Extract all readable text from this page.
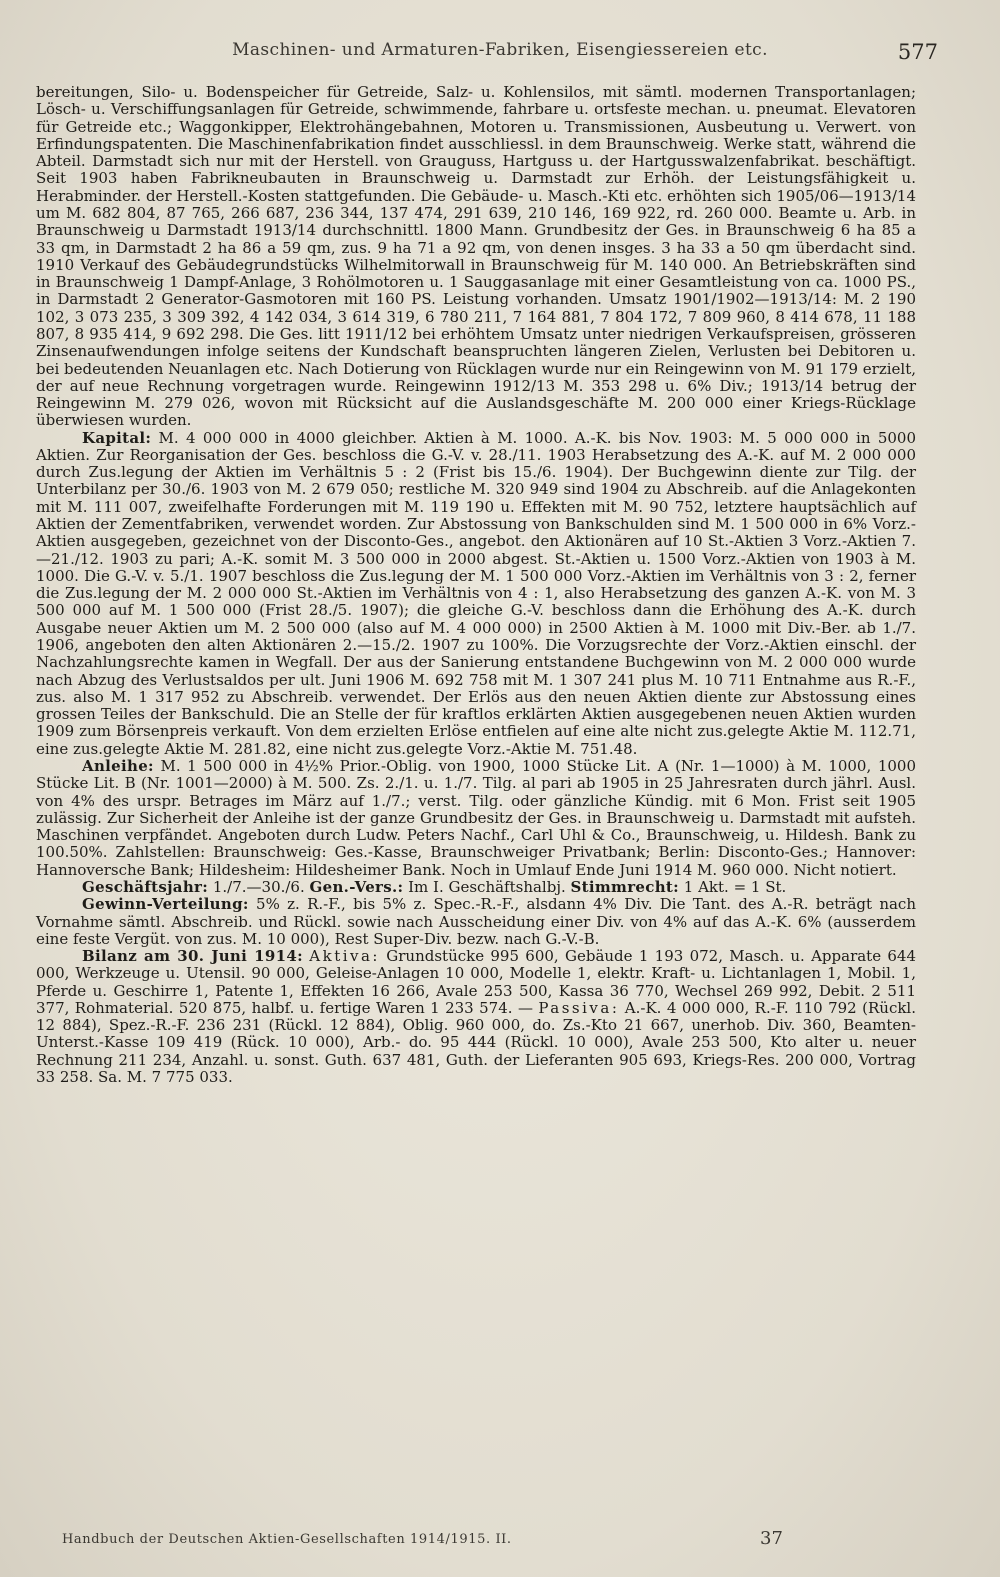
Maschinen- und Armaturen-Fabriken, Eisengiessereien etc.	577

bereitungen, Silo- u. Bodenspeicher für Getreide, Salz- u. Kohlensilos, mit sämtl. modernen Transportanlagen; Lösch- u. Verschiffungsanlagen für Getreide, schwimmende, fahrbare u. ortsfeste mechan. u. pneumat. Elevatoren für Getreide etc.; Waggonkipper, Elektrohängebahnen, Motoren u. Transmissionen, Ausbeutung u. Verwert. von Erfindungspatenten. Die Maschinenfabrikation findet ausschliessl. in dem Braunschweig. Werke statt, während die Abteil. Darmstadt sich nur mit der Herstell. von Grauguss, Hartguss u. der Hartgusswalzenfabrikat. beschäftigt. Seit 1903 haben Fabrikneubauten in Braunschweig u. Darmstadt zur Erhöh. der Leistungsfähigkeit u. Herabminder. der Herstell.-Kosten stattgefunden. Die Gebäude- u. Masch.-Kti etc. erhöhten sich 1905/06—1913/14 um M. 682 804, 87 765, 266 687, 236 344, 137 474, 291 639, 210 146, 169 922, rd. 260 000. Beamte u. Arb. in Braunschweig u Darmstadt 1913/14 durchschnittl. 1800 Mann. Grundbesitz der Ges. in Braunschweig 6 ha 85 a 33 qm, in Darmstadt 2 ha 86 a 59 qm, zus. 9 ha 71 a 92 qm, von denen insges. 3 ha 33 a 50 qm überdacht sind. 1910 Verkauf des Gebäudegrundstücks Wilhelmitorwall in Braunschweig für M. 140 000. An Betriebskräften sind in Braunschweig 1 Dampf-Anlage, 3 Rohölmotoren u. 1 Sauggasanlage mit einer Gesamtleistung von ca. 1000 PS., in Darmstadt 2 Generator-Gasmotoren mit 160 PS. Leistung vorhanden. Umsatz 1901/1902—1913/14: M. 2 190 102, 3 073 235, 3 309 392, 4 142 034, 3 614 319, 6 780 211, 7 164 881, 7 804 172, 7 809 960, 8 414 678, 11 188 807, 8 935 414, 9 692 298. Die Ges. litt 1911/12 bei erhöhtem Umsatz unter niedrigen Verkaufspreisen, grösseren Zinsenaufwendungen infolge seitens der Kundschaft beanspruchten längeren Zielen, Verlusten bei Debitoren u. bei bedeutenden Neuanlagen etc. Nach Dotierung von Rücklagen wurde nur ein Reingewinn von M. 91 179 erzielt, der auf neue Rechnung vorgetragen wurde. Reingewinn 1912/13 M. 353 298 u. 6% Div.; 1913/14 betrug der Reingewinn M. 279 026, wovon mit Rücksicht auf die Auslandsgeschäfte M. 200 000 einer Kriegs-Rücklage überwiesen wurden.

Kapital: M. 4 000 000 in 4000 gleichber. Aktien à M. 1000. A.-K. bis Nov. 1903: M. 5 000 000 in 5000 Aktien. Zur Reorganisation der Ges. beschloss die G.-V. v. 28./11. 1903 Herabsetzung des A.-K. auf M. 2 000 000 durch Zus.legung der Aktien im Verhältnis 5 : 2 (Frist bis 15./6. 1904). Der Buchgewinn diente zur Tilg. der Unterbilanz per 30./6. 1903 von M. 2 679 050; restliche M. 320 949 sind 1904 zu Abschreib. auf die Anlagekonten mit M. 111 007, zweifelhafte Forderungen mit M. 119 190 u. Effekten mit M. 90 752, letztere hauptsächlich auf Aktien der Zementfabriken, verwendet worden. Zur Abstossung von Bankschulden sind M. 1 500 000 in 6% Vorz.-Aktien ausgegeben, gezeichnet von der Disconto-Ges., angebot. den Aktionären auf 10 St.-Aktien 3 Vorz.-Aktien 7.—21./12. 1903 zu pari; A.-K. somit M. 3 500 000 in 2000 abgest. St.-Aktien u. 1500 Vorz.-Aktien von 1903 à M. 1000. Die G.-V. v. 5./1. 1907 beschloss die Zus.legung der M. 1 500 000 Vorz.-Aktien im Verhältnis von 3 : 2, ferner die Zus.legung der M. 2 000 000 St.-Aktien im Verhältnis von 4 : 1, also Herabsetzung des ganzen A.-K. von M. 3 500 000 auf M. 1 500 000 (Frist 28./5. 1907); die gleiche G.-V. beschloss dann die Erhöhung des A.-K. durch Ausgabe neuer Aktien um M. 2 500 000 (also auf M. 4 000 000) in 2500 Aktien à M. 1000 mit Div.-Ber. ab 1./7. 1906, angeboten den alten Aktionären 2.—15./2. 1907 zu 100%. Die Vorzugsrechte der Vorz.-Aktien einschl. der Nachzahlungsrechte kamen in Wegfall. Der aus der Sanierung entstandene Buchgewinn von M. 2 000 000 wurde nach Abzug des Verlustsaldos per ult. Juni 1906 M. 692 758 mit M. 1 307 241 plus M. 10 711 Entnahme aus R.-F., zus. also M. 1 317 952 zu Abschreib. verwendet. Der Erlös aus den neuen Aktien diente zur Abstossung eines grossen Teiles der Bankschuld. Die an Stelle der für kraftlos erklärten Aktien ausgegebenen neuen Aktien wurden 1909 zum Börsenpreis verkauft. Von dem erzielten Erlöse entfielen auf eine alte nicht zus.gelegte Aktie M. 112.71, eine zus.gelegte Aktie M. 281.82, eine nicht zus.gelegte Vorz.-Aktie M. 751.48.

Anleihe: M. 1 500 000 in 4½% Prior.-Oblig. von 1900, 1000 Stücke Lit. A (Nr. 1—1000) à M. 1000, 1000 Stücke Lit. B (Nr. 1001—2000) à M. 500. Zs. 2./1. u. 1./7. Tilg. al pari ab 1905 in 25 Jahresraten durch jährl. Ausl. von 4% des urspr. Betrages im März auf 1./7.; verst. Tilg. oder gänzliche Kündig. mit 6 Mon. Frist seit 1905 zulässig. Zur Sicherheit der Anleihe ist der ganze Grundbesitz der Ges. in Braunschweig u. Darmstadt mit aufsteh. Maschinen verpfändet. Angeboten durch Ludw. Peters Nachf., Carl Uhl & Co., Braunschweig, u. Hildesh. Bank zu 100.50%. Zahlstellen: Braunschweig: Ges.-Kasse, Braunschweiger Privatbank; Berlin: Disconto-Ges.; Hannover: Hannoversche Bank; Hildesheim: Hildesheimer Bank. Noch in Umlauf Ende Juni 1914 M. 960 000. Nicht notiert.

Geschäftsjahr: 1./7.—30./6. Gen.-Vers.: Im I. Geschäftshalbj. Stimmrecht: 1 Akt. = 1 St.

Gewinn-Verteilung: 5% z. R.-F., bis 5% z. Spec.-R.-F., alsdann 4% Div. Die Tant. des A.-R. beträgt nach Vornahme sämtl. Abschreib. und Rückl. sowie nach Ausscheidung einer Div. von 4% auf das A.-K. 6% (ausserdem eine feste Vergüt. von zus. M. 10 000), Rest Super-Div. bezw. nach G.-V.-B.

Bilanz am 30. Juni 1914: Aktiva: Grundstücke 995 600, Gebäude 1 193 072, Masch. u. Apparate 644 000, Werkzeuge u. Utensil. 90 000, Geleise-Anlagen 10 000, Modelle 1, elektr. Kraft- u. Lichtanlagen 1, Mobil. 1, Pferde u. Geschirre 1, Patente 1, Effekten 16 266, Avale 253 500, Kassa 36 770, Wechsel 269 992, Debit. 2 511 377, Rohmaterial. 520 875, halbf. u. fertige Waren 1 233 574. — Passiva: A.-K. 4 000 000, R.-F. 110 792 (Rückl. 12 884), Spez.-R.-F. 236 231 (Rückl. 12 884), Oblig. 960 000, do. Zs.-Kto 21 667, unerhob. Div. 360, Beamten-Unterst.-Kasse 109 419 (Rück. 10 000), Arb.- do. 95 444 (Rückl. 10 000), Avale 253 500, Kto alter u. neuer Rechnung 211 234, Anzahl. u. sonst. Guth. 637 481, Guth. der Lieferanten 905 693, Kriegs-Res. 200 000, Vortrag 33 258. Sa. M. 7 775 033.

Handbuch der Deutschen Aktien-Gesellschaften 1914/1915. II.	37
